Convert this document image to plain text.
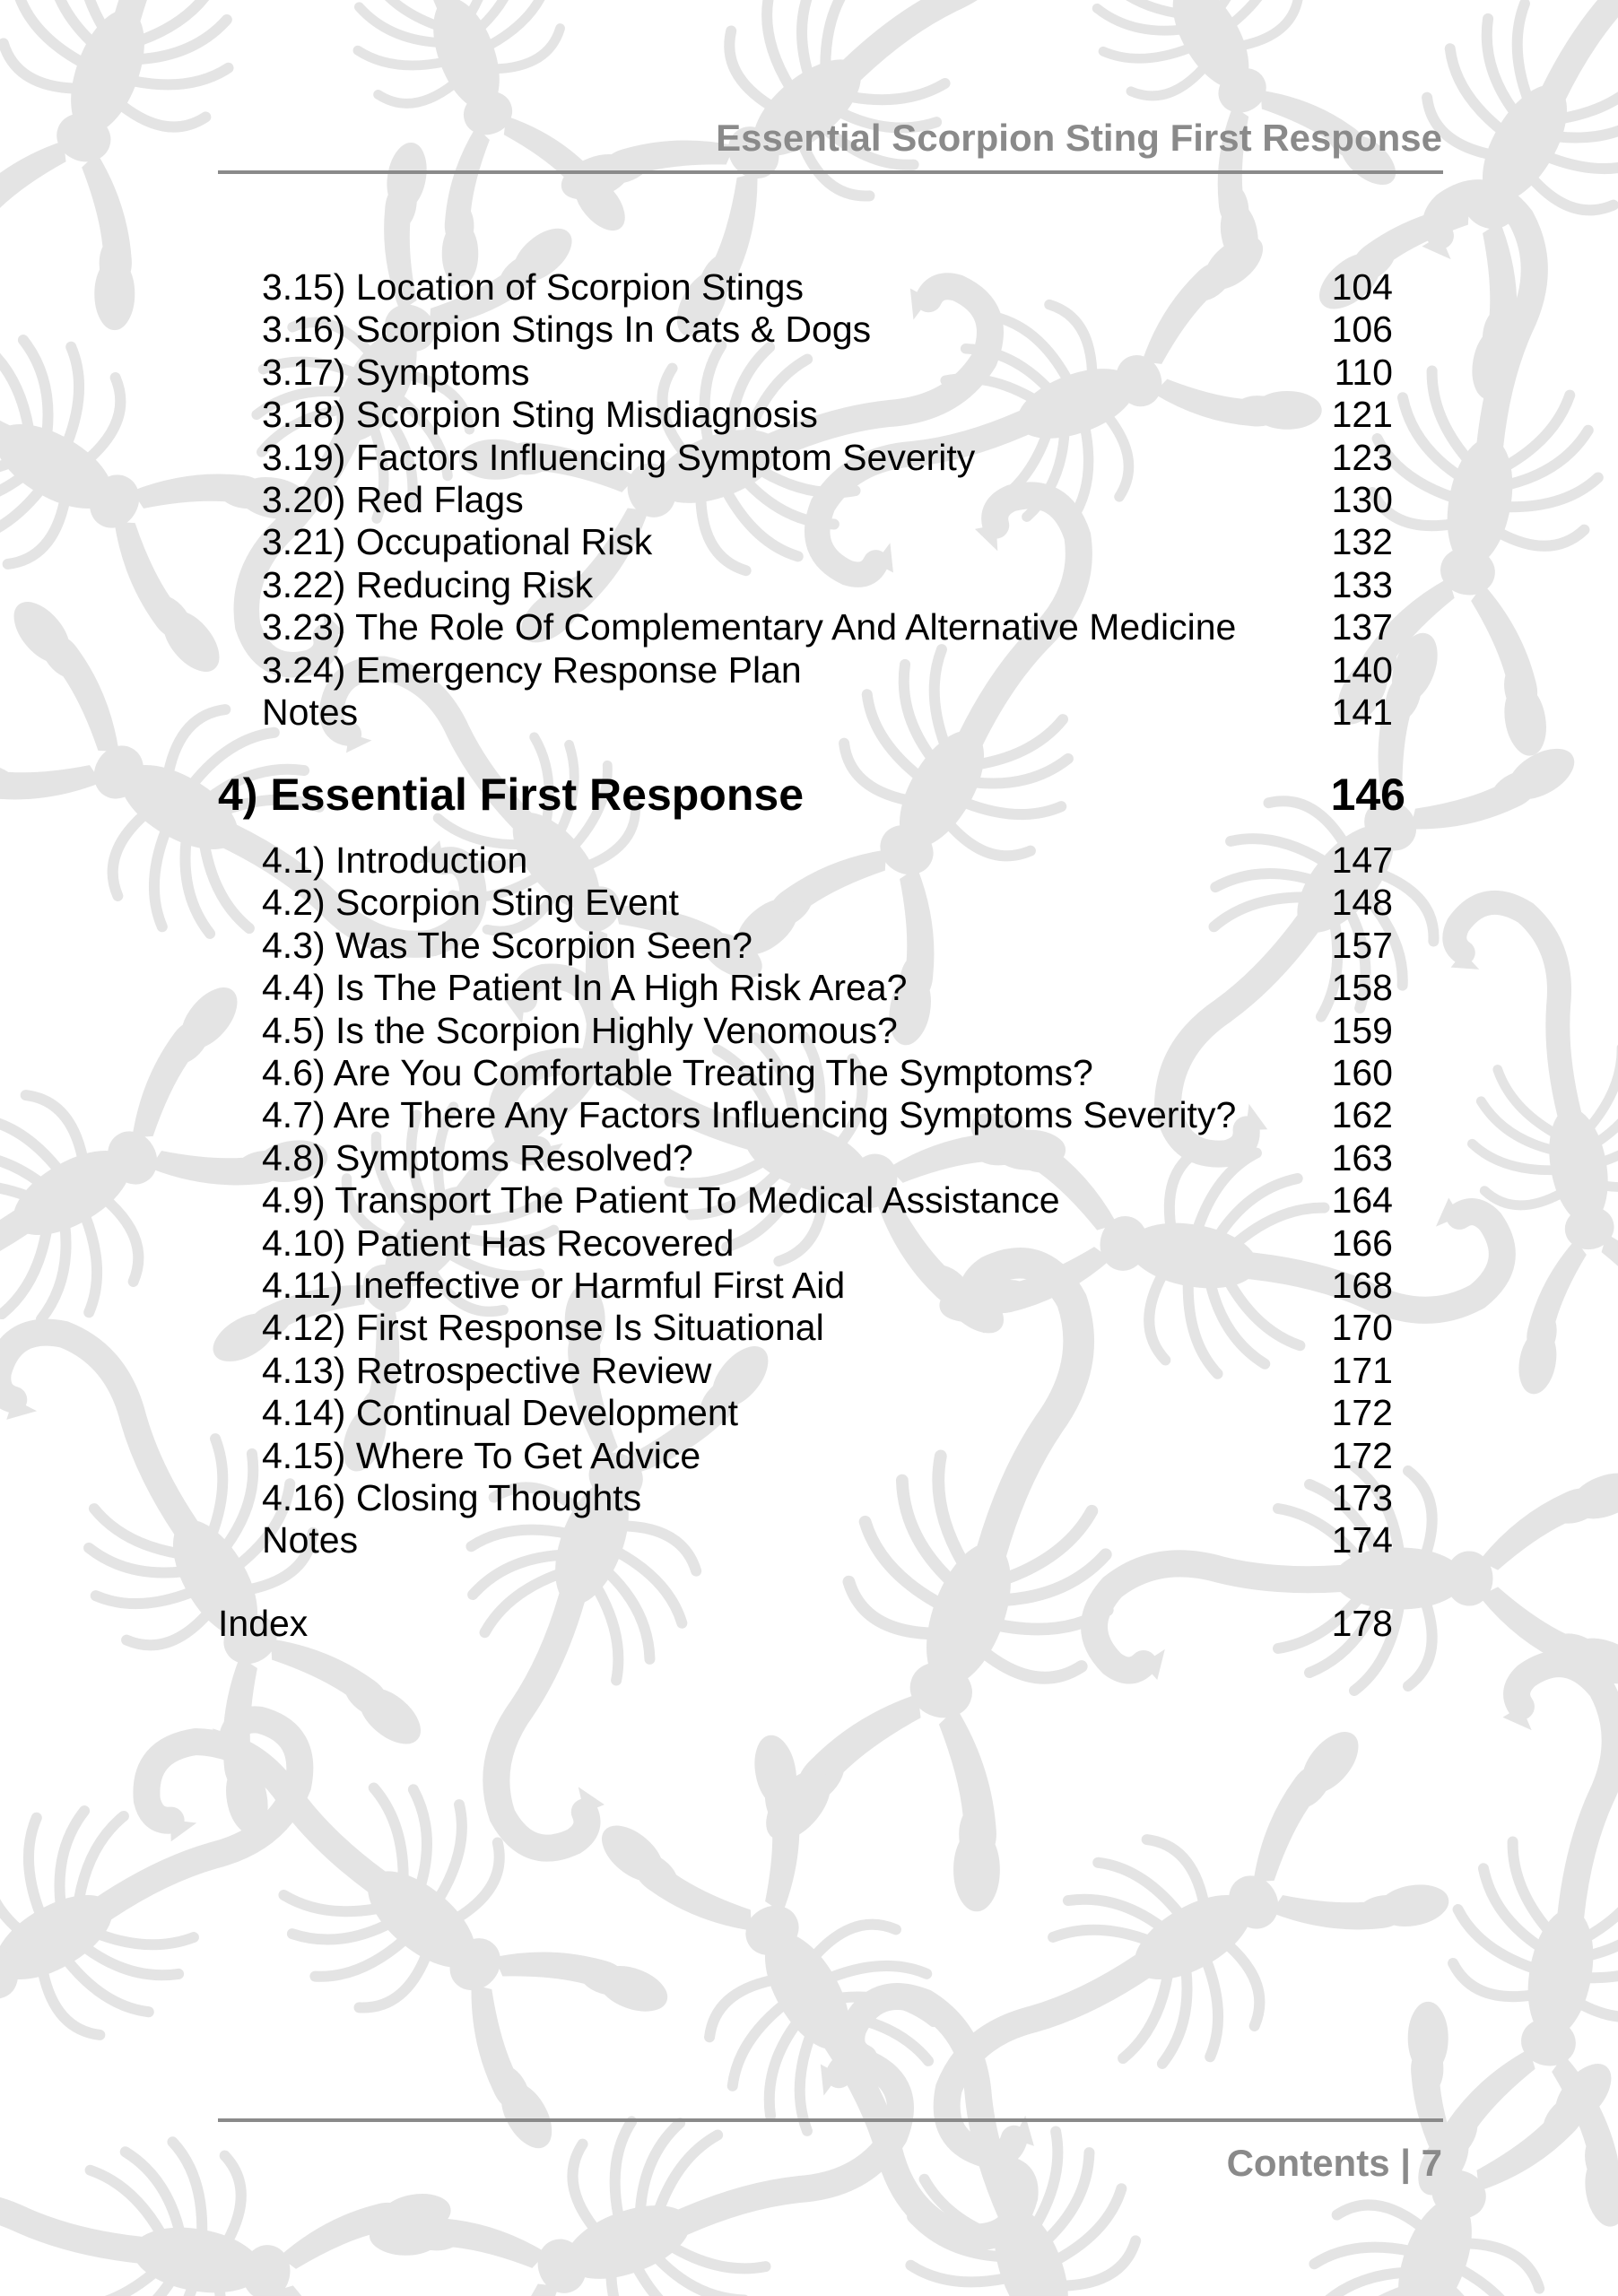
Essential Scorpion Sting First Response
3.15) Location of Scorpion Stings	104
3.16) Scorpion Stings In Cats & Dogs	106
3.17) Symptoms	110
3.18) Scorpion Sting Misdiagnosis	121
3.19) Factors Influencing Symptom Severity	123
3.20) Red Flags	130
3.21) Occupational Risk	132
3.22) Reducing Risk	133
3.23) The Role Of Complementary And Alternative Medicine	137
3.24) Emergency Response Plan	140
Notes	141
4) Essential First Response	146
4.1) Introduction	147
4.2) Scorpion Sting Event	148
4.3) Was The Scorpion Seen?	157
4.4) Is The Patient In A High Risk Area?	158
4.5) Is the Scorpion Highly Venomous?	159
4.6) Are You Comfortable Treating The Symptoms?	160
4.7) Are There Any Factors Influencing Symptoms Severity?	162
4.8) Symptoms Resolved?	163
4.9) Transport The Patient To Medical Assistance	164
4.10) Patient Has Recovered	166
4.11) Ineffective or Harmful First Aid	168
4.12) First Response Is Situational	170
4.13) Retrospective Review	171
4.14) Continual Development	172
4.15) Where To Get Advice	172
4.16) Closing Thoughts	173
Notes	174
Index	178
Contents | 7
